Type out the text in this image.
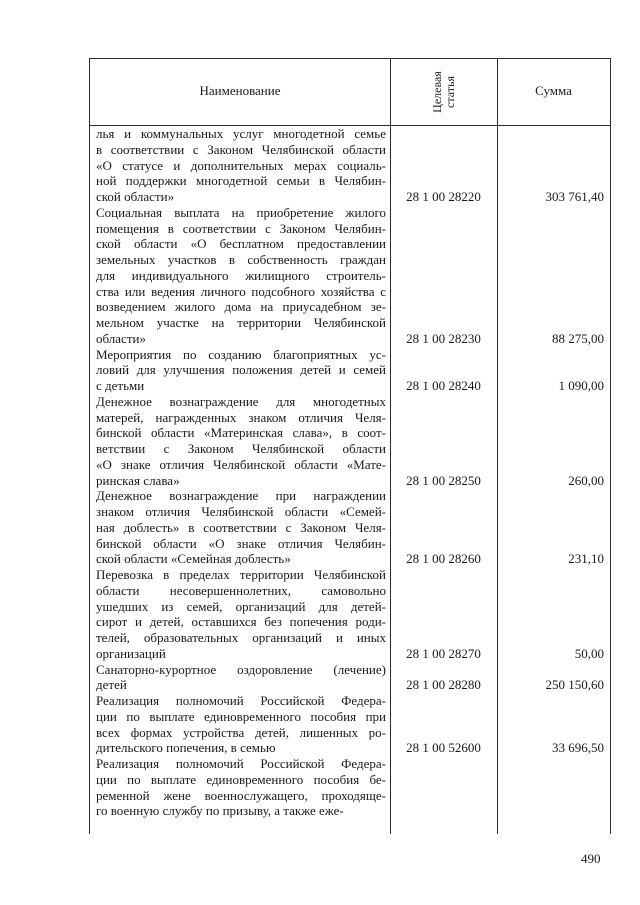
Наименование	Целевая статья	Сумма
лья и коммунальных услуг многодетной семье
в соответствии с Законом Челябинской области
«О статусе и дополнительных мерах социаль-
ной поддержки многодетной семьи в Челябин-
ской области»	28 1 00 28220	303 761,40
Социальная выплата на приобретение жилого
помещения в соответствии с Законом Челябин-
ской области «О бесплатном предоставлении
земельных участков в собственность граждан
для индивидуального жилищного строитель-
ства или ведения личного подсобного хозяйства с
возведением жилого дома на приусадебном зе-
мельном участке на территории Челябинской
области»	28 1 00 28230	88 275,00
Мероприятия по созданию благоприятных ус-
ловий для улучшения положения детей и семей
с детьми	28 1 00 28240	1 090,00
Денежное вознаграждение для многодетных
матерей, награжденных знаком отличия Челя-
бинской области «Материнская слава», в соот-
ветствии с Законом Челябинской области
«О знаке отличия Челябинской области «Мате-
ринская слава»	28 1 00 28250	260,00
Денежное вознаграждение при награждении
знаком отличия Челябинской области «Семей-
ная доблесть» в соответствии с Законом Челя-
бинской области «О знаке отличия Челябин-
ской области «Семейная доблесть»	28 1 00 28260	231,10
Перевозка в пределах территории Челябинской
области несовершеннолетних, самовольно
ушедших из семей, организаций для детей-
сирот и детей, оставшихся без попечения роди-
телей, образовательных организаций и иных
организаций	28 1 00 28270	50,00
Санаторно-курортное оздоровление (лечение)
детей	28 1 00 28280	250 150,60
Реализация полномочий Российской Федера-
ции по выплате единовременного пособия при
всех формах устройства детей, лишенных ро-
дительского попечения, в семью	28 1 00 52600	33 696,50
Реализация полномочий Российской Федера-
ции по выплате единовременного пособия бе-
ременной жене военнослужащего, проходяще-
го военную службу по призыву, а также еже-
490
